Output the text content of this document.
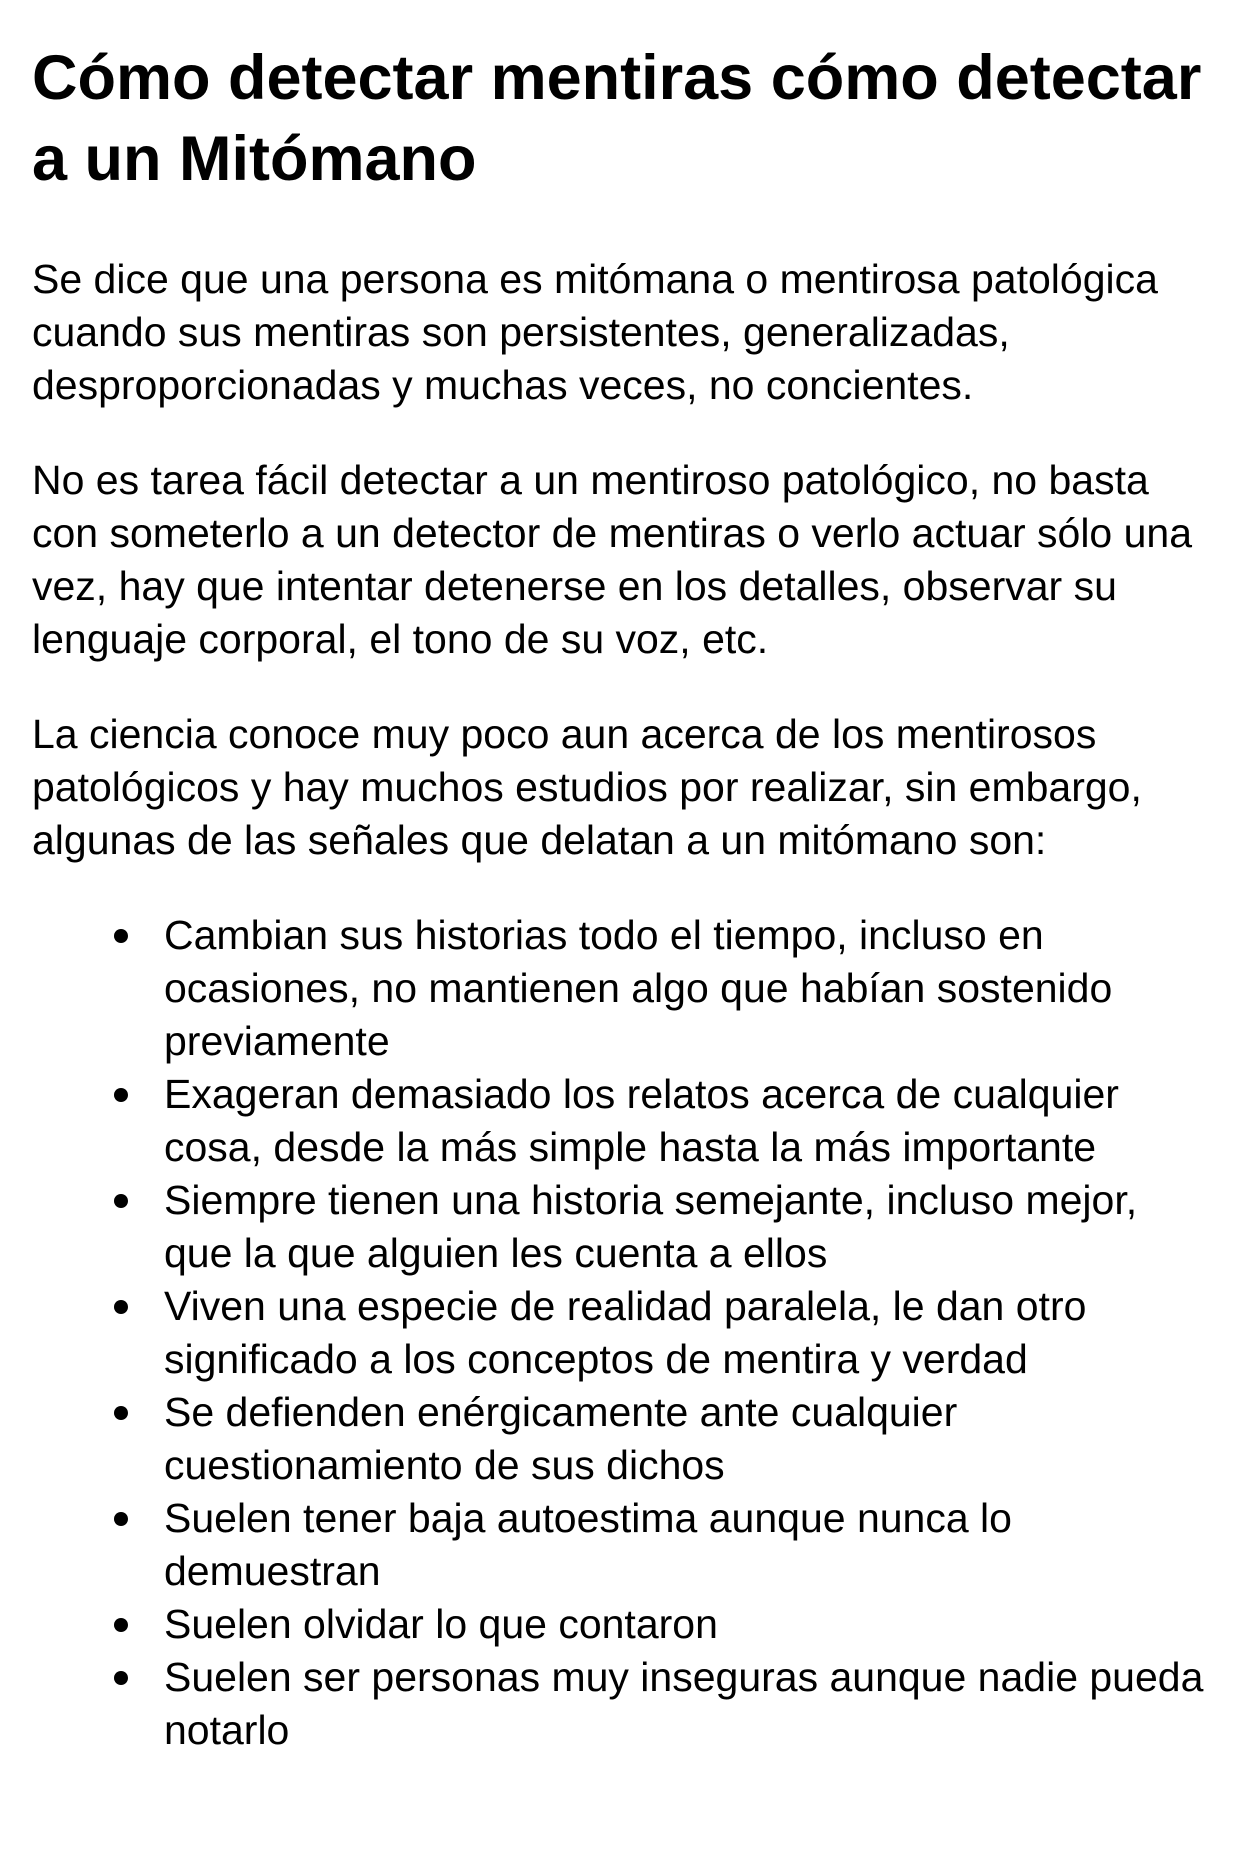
Cómo detectar mentiras cómo detectar a un Mitómano

Se dice que una persona es mitómana o mentirosa patológica cuando sus mentiras son persistentes, generalizadas, desproporcionadas y muchas veces, no concientes.

No es tarea fácil detectar a un mentiroso patológico, no basta con someterlo a un detector de mentiras o verlo actuar sólo una vez, hay que intentar detenerse en los detalles, observar su lenguaje corporal, el tono de su voz, etc.

La ciencia conoce muy poco aun acerca de los mentirosos patológicos y hay muchos estudios por realizar, sin embargo, algunas de las señales que delatan a un mitómano son:

Cambian sus historias todo el tiempo, incluso en ocasiones, no mantienen algo que habían sostenido previamente
Exageran demasiado los relatos acerca de cualquier cosa, desde la más simple hasta la más importante
Siempre tienen una historia semejante, incluso mejor, que la que alguien les cuenta a ellos
Viven una especie de realidad paralela, le dan otro significado a los conceptos de mentira y verdad
Se defienden enérgicamente ante cualquier cuestionamiento de sus dichos
Suelen tener baja autoestima aunque nunca lo demuestran
Suelen olvidar lo que contaron
Suelen ser personas muy inseguras aunque nadie pueda notarlo
